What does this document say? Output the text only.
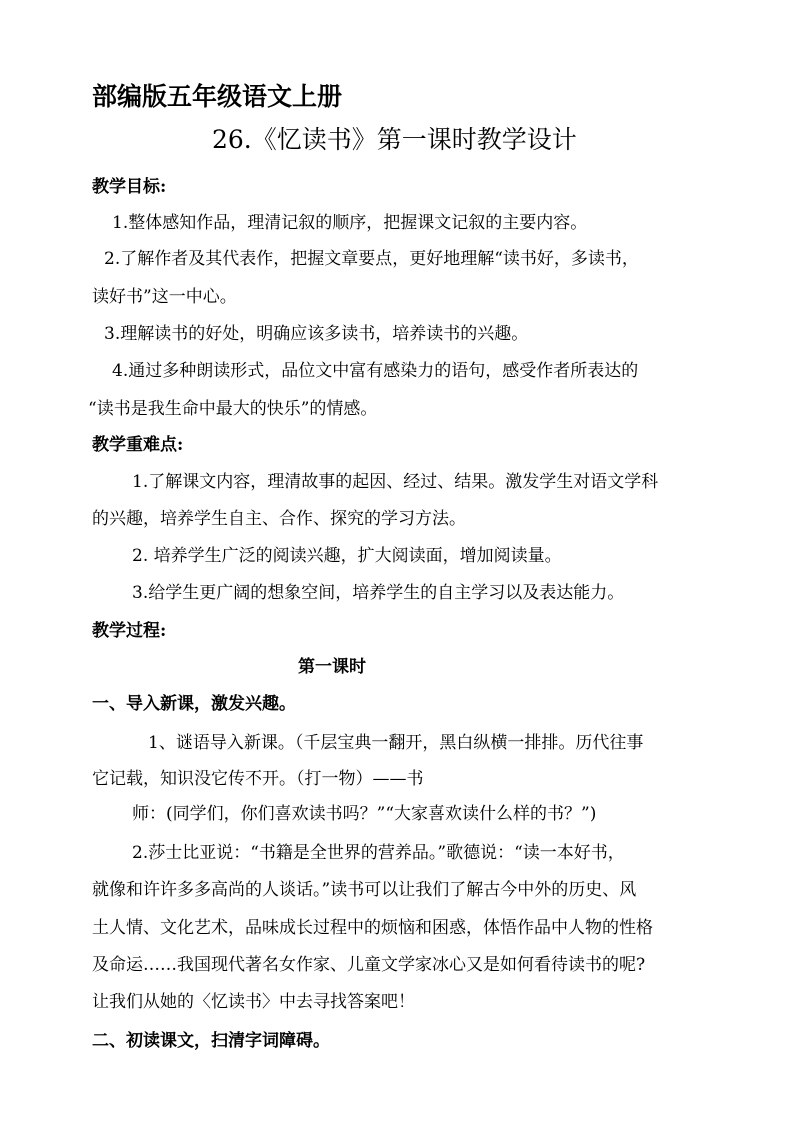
部编版五年级语文上册
26.《忆读书》第一课时教学设计
教学目标:
1.整体感知作品，理清记叙的顺序，把握课文记叙的主要内容。
2.了解作者及其代表作，把握文章要点，更好地理解“读书好，多读书，
读好书”这一中心。
3.理解读书的好处，明确应该多读书，培养读书的兴趣。
4.通过多种朗读形式，品位文中富有感染力的语句，感受作者所表达的
“读书是我生命中最大的快乐”的情感。
教学重难点:
1.了解课文内容，理清故事的起因、经过、结果。激发学生对语文学科
的兴趣，培养学生自主、合作、探究的学习方法。
2. 培养学生广泛的阅读兴趣，扩大阅读面，增加阅读量。
3.给学生更广阔的想象空间，培养学生的自主学习以及表达能力。
教学过程:
第一课时
一、导入新课，激发兴趣。
1、谜语导入新课。（千层宝典一翻开，黑白纵横一排排。历代往事
它记载，知识没它传不开。（打一物）——书
师：(同学们，你们喜欢读书吗？”“大家喜欢读什么样的书？”)
2.莎士比亚说：“书籍是全世界的营养品。”歌德说：“读一本好书，
就像和许许多多高尚的人谈话。”读书可以让我们了解古今中外的历史、风
土人情、文化艺术，品味成长过程中的烦恼和困惑，体悟作品中人物的性格
及命运……我国现代著名女作家、儿童文学家冰心又是如何看待读书的呢?
让我们从她的〈忆读书〉中去寻找答案吧！
二、初读课文，扫清字词障碍。
